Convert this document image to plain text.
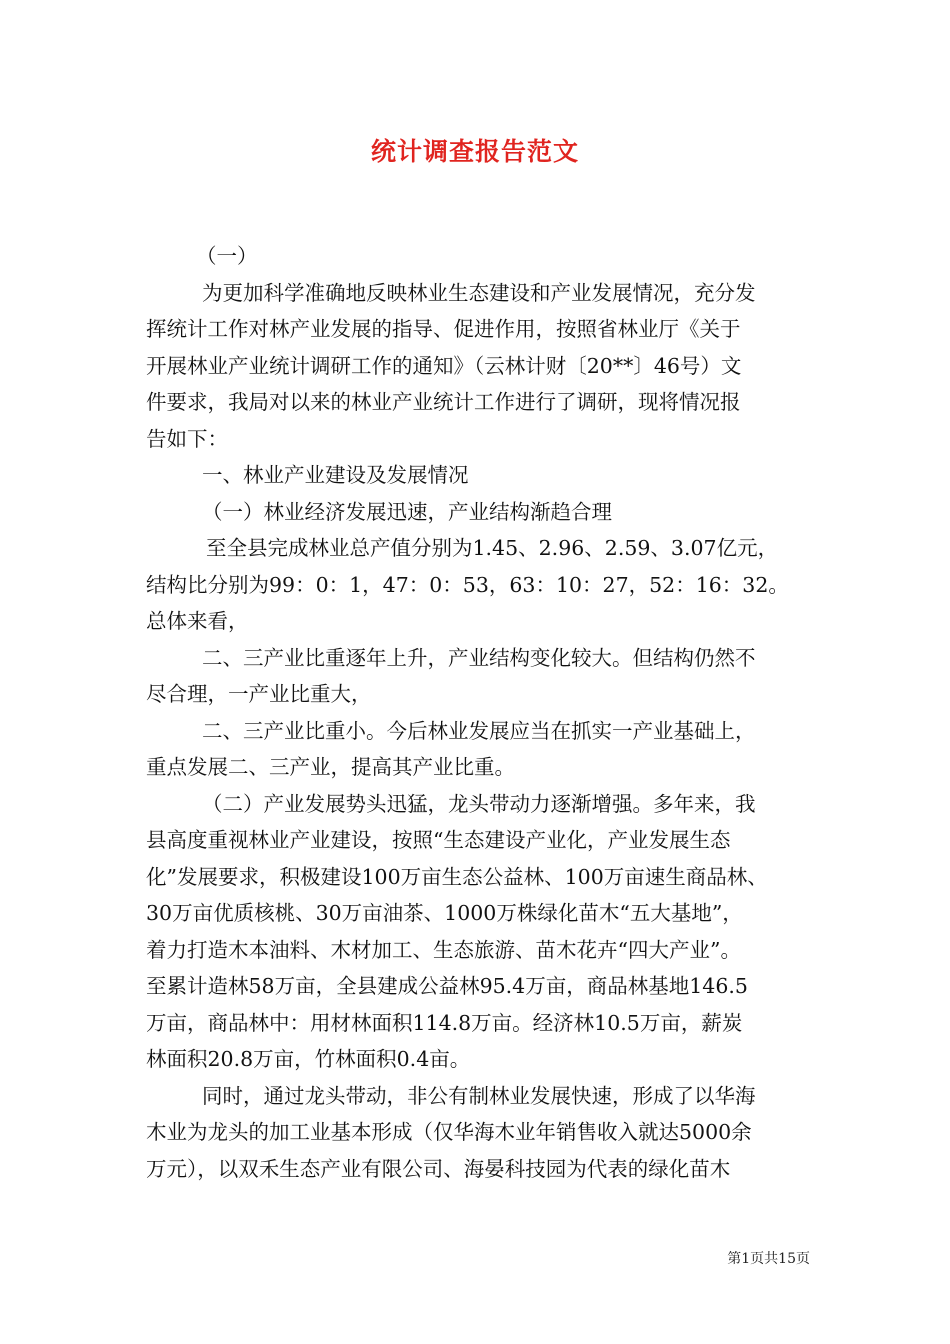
统计调查报告范文
（一）
为更加科学准确地反映林业生态建设和产业发展情况，充分发
挥统计工作对林产业发展的指导、促进作用，按照省林业厅《关于
开展林业产业统计调研工作的通知》（云林计财〔20**〕46号）文
件要求，我局对以来的林业产业统计工作进行了调研，现将情况报
告如下：
一、林业产业建设及发展情况
（一）林业经济发展迅速，产业结构渐趋合理
至全县完成林业总产值分别为1.45、2.96、2.59、3.07亿元，
结构比分别为99：0：1，47：0：53，63：10：27，52：16：32。
总体来看，
二、三产业比重逐年上升，产业结构变化较大。但结构仍然不
尽合理，一产业比重大，
二、三产业比重小。今后林业发展应当在抓实一产业基础上，
重点发展二、三产业，提高其产业比重。
（二）产业发展势头迅猛，龙头带动力逐渐增强。多年来，我
县高度重视林业产业建设，按照“生态建设产业化，产业发展生态
化”发展要求，积极建设100万亩生态公益林、100万亩速生商品林、
30万亩优质核桃、30万亩油茶、1000万株绿化苗木“五大基地”，
着力打造木本油料、木材加工、生态旅游、苗木花卉“四大产业”。
至累计造林58万亩，全县建成公益林95.4万亩，商品林基地146.5
万亩，商品林中：用材林面积114.8万亩。经济林10.5万亩，薪炭
林面积20.8万亩，竹林面积0.4亩。
同时，通过龙头带动，非公有制林业发展快速，形成了以华海
木业为龙头的加工业基本形成（仅华海木业年销售收入就达5000余
万元），以双禾生态产业有限公司、海晏科技园为代表的绿化苗木
第1页共15页
